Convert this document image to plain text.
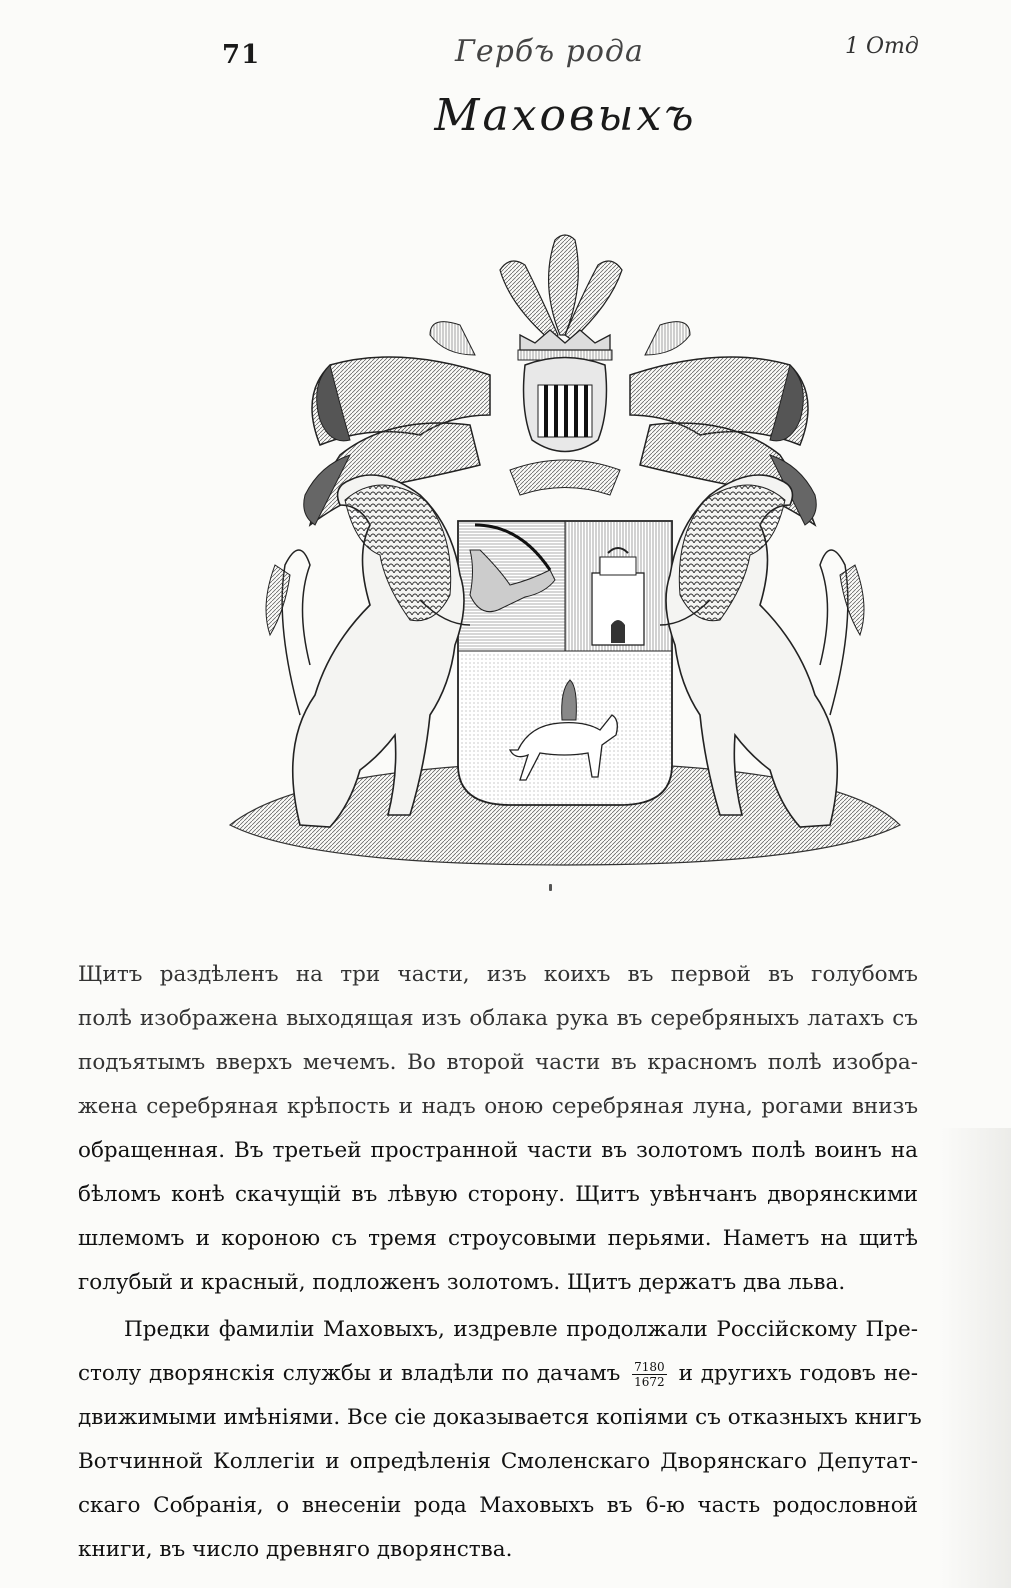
71	Гербъ рода	1 Отд
Маховыхъ
Щитъ раздѣленъ на три части, изъ коихъ въ первой въ голубомъ
полѣ изображена выходящая изъ облака рука въ серебряныхъ латахъ съ
подъятымъ вверхъ мечемъ. Во второй части въ красномъ полѣ изобра-
жена серебряная крѣпость и надъ оною серебряная луна, рогами внизъ
обращенная. Въ третьей пространной части въ золотомъ полѣ воинъ на
бѣломъ конѣ скачущій въ лѣвую сторону. Щитъ увѣнчанъ дворянскими
шлемомъ и короною съ тремя строусовыми перьями. Наметъ на щитѣ
голубый и красный, подложенъ золотомъ. Щитъ держатъ два льва.
Предки фамиліи Маховыхъ, издревле продолжали Россійскому Пре-
столу дворянскія службы и владѣли по дачамъ $\frac{7180}{1672}$ и другихъ годовъ не-
движимыми имѣніями. Все сіе доказывается копіями съ отказныхъ книгъ
Вотчинной Коллегіи и опредѣленія Смоленскаго Дворянскаго Депутат-
скаго Собранія, о внесеніи рода Маховыхъ въ 6-ю часть родословной
книги, въ число древняго дворянства.
